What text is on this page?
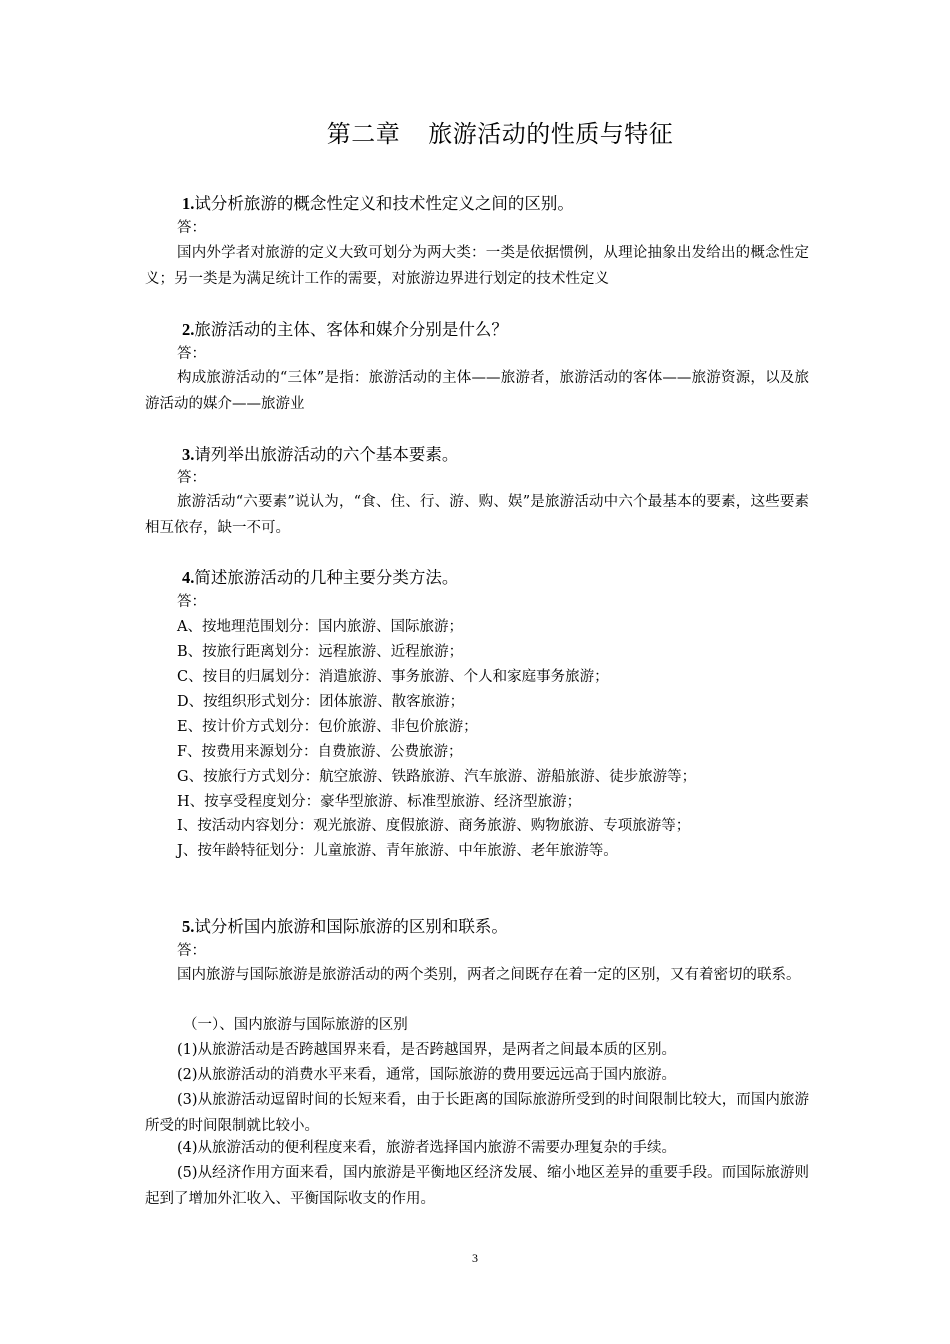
第二章 旅游活动的性质与特征
1.试分析旅游的概念性定义和技术性定义之间的区别。
答：
国内外学者对旅游的定义大致可划分为两大类：一类是依据惯例，从理论抽象出发给出的概念性定义；另一类是为满足统计工作的需要，对旅游边界进行划定的技术性定义
2.旅游活动的主体、客体和媒介分别是什么？
答：
构成旅游活动的“三体”是指：旅游活动的主体——旅游者，旅游活动的客体——旅游资源，以及旅游活动的媒介——旅游业
3.请列举出旅游活动的六个基本要素。
答：
旅游活动“六要素”说认为，“食、住、行、游、购、娱”是旅游活动中六个最基本的要素，这些要素相互依存，缺一不可。
4.简述旅游活动的几种主要分类方法。
答：
A、按地理范围划分：国内旅游、国际旅游；
B、按旅行距离划分：远程旅游、近程旅游；
C、按目的归属划分：消遣旅游、事务旅游、个人和家庭事务旅游；
D、按组织形式划分：团体旅游、散客旅游；
E、按计价方式划分：包价旅游、非包价旅游；
F、按费用来源划分：自费旅游、公费旅游；
G、按旅行方式划分：航空旅游、铁路旅游、汽车旅游、游船旅游、徒步旅游等；
H、按享受程度划分：豪华型旅游、标准型旅游、经济型旅游；
I、按活动内容划分：观光旅游、度假旅游、商务旅游、购物旅游、专项旅游等；
J、按年龄特征划分：儿童旅游、青年旅游、中年旅游、老年旅游等。
5.试分析国内旅游和国际旅游的区别和联系。
答：
国内旅游与国际旅游是旅游活动的两个类别，两者之间既存在着一定的区别，又有着密切的联系。
（一）、国内旅游与国际旅游的区别
(1)从旅游活动是否跨越国界来看，是否跨越国界，是两者之间最本质的区别。
(2)从旅游活动的消费水平来看，通常，国际旅游的费用要远远高于国内旅游。
(3)从旅游活动逗留时间的长短来看，由于长距离的国际旅游所受到的时间限制比较大，而国内旅游所受的时间限制就比较小。
(4)从旅游活动的便利程度来看，旅游者选择国内旅游不需要办理复杂的手续。
(5)从经济作用方面来看，国内旅游是平衡地区经济发展、缩小地区差异的重要手段。而国际旅游则起到了增加外汇收入、平衡国际收支的作用。
3
